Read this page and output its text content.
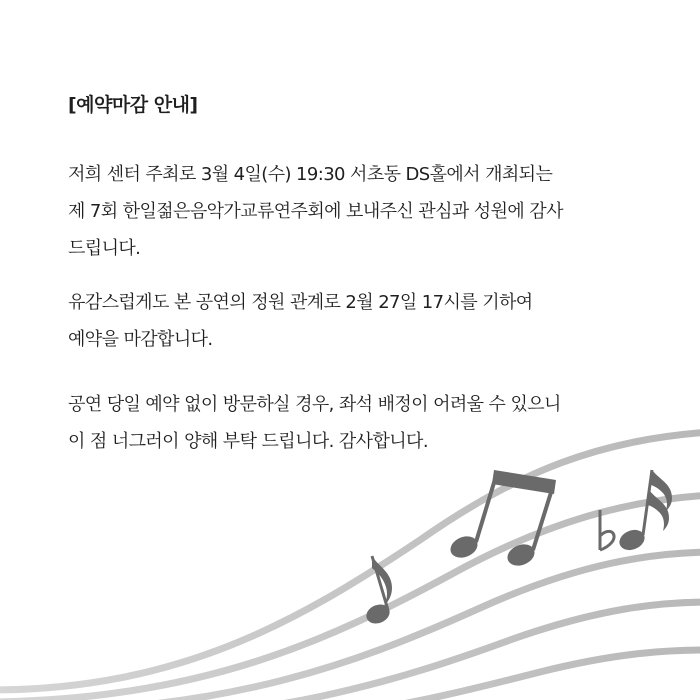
[예약마감 안내]
저희 센터 주최로 3월 4일(수) 19:30 서초동 DS홀에서 개최되는
제 7회 한일젊은음악가교류연주회에 보내주신 관심과 성원에 감사
드립니다.
유감스럽게도 본 공연의 정원 관계로 2월 27일 17시를 기하여
예약을 마감합니다.
공연 당일 예약 없이 방문하실 경우, 좌석 배정이 어려울 수 있으니
이 점 너그러이 양해 부탁 드립니다. 감사합니다.
